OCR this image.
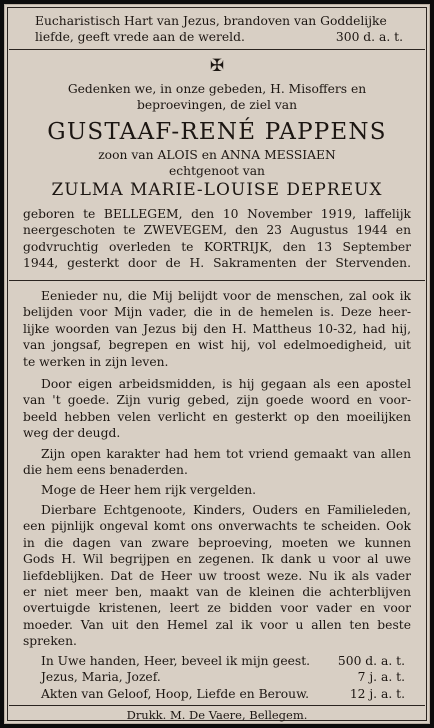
Eucharistisch Hart van Jezus, brandoven van Goddelijke
liefde, geeft vrede aan de wereld.	300 d. a. t.
✠
Gedenken we, in onze gebeden, H. Misoffers en
beproevingen, de ziel van
GUSTAAF-RENÉ PAPPENS
zoon van ALOIS en ANNA MESSIAEN
echtgenoot van
ZULMA MARIE-LOUISE DEPREUX
geboren te BELLEGEM, den 10 November 1919, laffelijk
neergeschoten te ZWEVEGEM, den 23 Augustus 1944 en
godvruchtig overleden te KORTRIJK, den 13 September
1944, gesterkt door de H. Sakramenten der Stervenden.
Eenieder nu, die Mij belijdt voor de menschen, zal ook ik
belijden voor Mijn vader, die in de hemelen is. Deze heer-
lijke woorden van Jezus bij den H. Mattheus 10-32, had hij,
van jongsaf, begrepen en wist hij, vol edelmoedigheid, uit
te werken in zijn leven.
Door eigen arbeidsmidden, is hij gegaan als een apostel
van 't goede. Zijn vurig gebed, zijn goede woord en voor-
beeld hebben velen verlicht en gesterkt op den moeilijken
weg der deugd.
Zijn open karakter had hem tot vriend gemaakt van allen
die hem eens benaderden.
Moge de Heer hem rijk vergelden.
Dierbare Echtgenoote, Kinders, Ouders en Familieleden,
een pijnlijk ongeval komt ons onverwachts te scheiden. Ook
in die dagen van zware beproeving, moeten we kunnen
Gods H. Wil begrijpen en zegenen. Ik dank u voor al uwe
liefdeblijken. Dat de Heer uw troost weze. Nu ik als vader
er niet meer ben, maakt van de kleinen die achterblijven
overtuigde kristenen, leert ze bidden voor vader en voor
moeder. Van uit den Hemel zal ik voor u allen ten beste
spreken.
In Uwe handen, Heer, beveel ik mijn geest. 500 d. a. t.
Jezus, Maria, Jozef.	7 j. a. t.
Akten van Geloof, Hoop, Liefde en Berouw.	12 j. a. t.
Drukk. M. De Vaere, Bellegem.
